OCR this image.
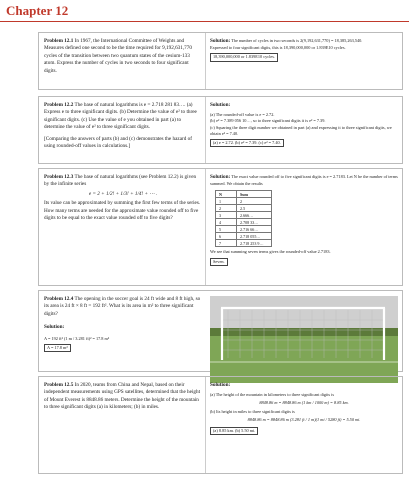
Chapter 12
Problem 12.1 In 1967, the International Committee of Weights and Measures defined one second to be the time required for 9,192,631,770 cycles of the transition between two quantum states of the cesium-133 atom. Express the number of cycles in two seconds to four significant digits.
Solution: The number of cycles in two seconds is 2(9,192,631,770) = 18,385,263,540.
Expressed to four significant digits, this is 18,390,000,000 or 1.839E10 cycles.
18,390,000,000 or 1.839E10 cycles.
Problem 12.2 The base of natural logarithms is e = 2.718 281 83…. (a) Express e to three significant digits. (b) Determine the value of e² to three significant digits. (c) Use the value of e you obtained in part (a) to determine the value of e² to three significant digits.
[Comparing the answers of parts (b) and (c) demonstrates the hazard of using rounded-off values in calculations.]
Solution:
(a) The rounded-off value is e = 2.72.
(b) e² = 7.389 056 10…, so to three significant digits it is e² = 7.39.
(c) Squaring the three digit number we obtained in part (a) and expressing it to three significant digits, we obtain e² = 7.40.
(a) e = 2.72. (b) e² = 7.39. (c) e² = 7.40.
Problem 12.3 The base of natural logarithms (see Problem 12.2) is given by the infinite series
e = 2 + 1/2! + 1/3! + 1/4! + ⋯ .
Its value can be approximated by summing the first few terms of the series. How many terms are needed for the approximate value rounded off to five digits to be equal to the exact value rounded off to five digits?
Solution: The exact value rounded off to five significant digits is e = 2.7183. Let N be the number of terms summed. We obtain the results
N	Sum
1	2
2	2.5
3	2.666…
4	2.708 33…
5	2.716 66…
6	2.718 055…
7	2.718 253 9…
We see that summing seven terms gives the rounded-off value 2.7183.
Seven.
Problem 12.4 The opening in the soccer goal is 24 ft wide and 8 ft high, so its area is 24 ft × 8 ft = 192 ft². What is its area in m² to three significant digits?
Solution:
A = 192 ft² (1 m / 3.281 ft)² = 17.8 m²
A = 17.8 m²
Problem 12.5 In 2020, teams from China and Nepal, based on their independent measurements using GPS satellites, determined that the height of Mount Everest is 8848.86 meters. Determine the height of the mountain to three significant digits (a) in kilometers; (b) in miles.
Solution:
(a) The height of the mountain in kilometers to three significant digits is
8848.86 m = 8848.86 m (1 km / 1000 m) = 8.85 km.
(b) Its height in miles to three significant digits is
8848.86 m = 8848.86 m (3.281 ft / 1 m)(1 mi / 5280 ft) = 5.50 mi.
(a) 8.85 km. (b) 5.50 mi.
